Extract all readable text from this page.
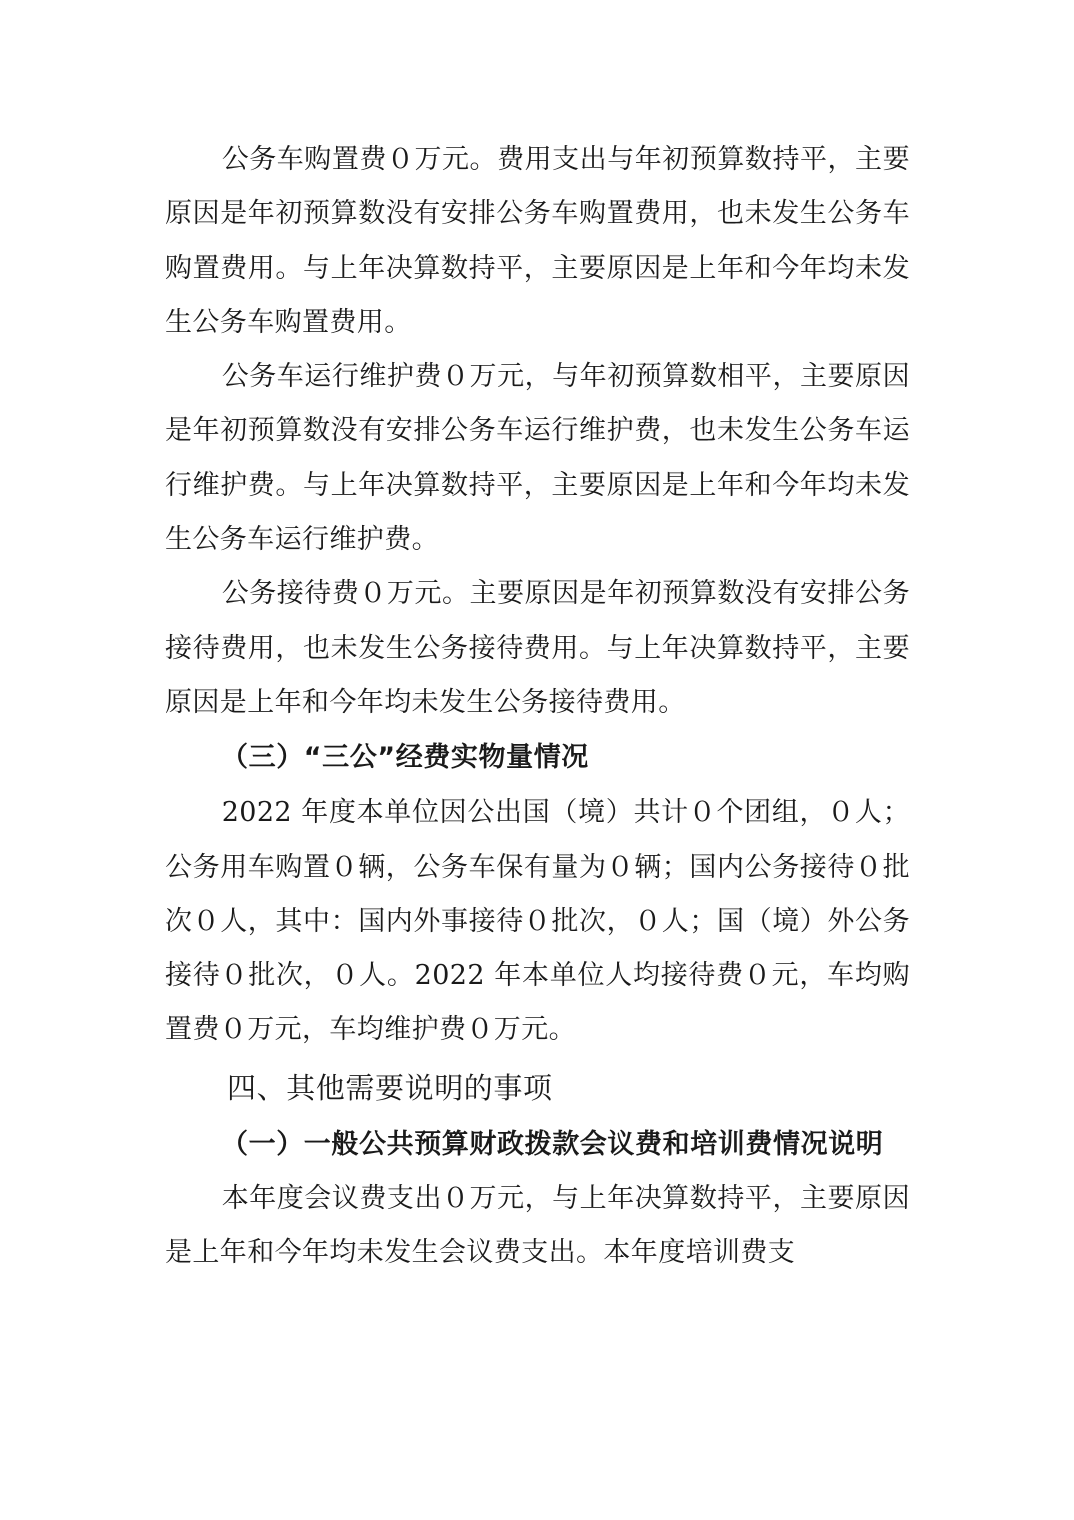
公务车购置费０万元。费用支出与年初预算数持平，主要原因是年初预算数没有安排公务车购置费用，也未发生公务车购置费用。与上年决算数持平，主要原因是上年和今年均未发生公务车购置费用。

公务车运行维护费０万元，与年初预算数相平，主要原因是年初预算数没有安排公务车运行维护费，也未发生公务车运行维护费。与上年决算数持平，主要原因是上年和今年均未发生公务车运行维护费。

公务接待费０万元。主要原因是年初预算数没有安排公务接待费用，也未发生公务接待费用。与上年决算数持平，主要原因是上年和今年均未发生公务接待费用。

（三）“三公”经费实物量情况

2022 年度本单位因公出国（境）共计０个团组，０人；公务用车购置０辆，公务车保有量为０辆；国内公务接待０批次０人，其中：国内外事接待０批次，０人；国（境）外公务接待０批次，０人。2022 年本单位人均接待费０元，车均购置费０万元，车均维护费０万元。

四、其他需要说明的事项

（一）一般公共预算财政拨款会议费和培训费情况说明

本年度会议费支出０万元，与上年决算数持平，主要原因是上年和今年均未发生会议费支出。本年度培训费支
